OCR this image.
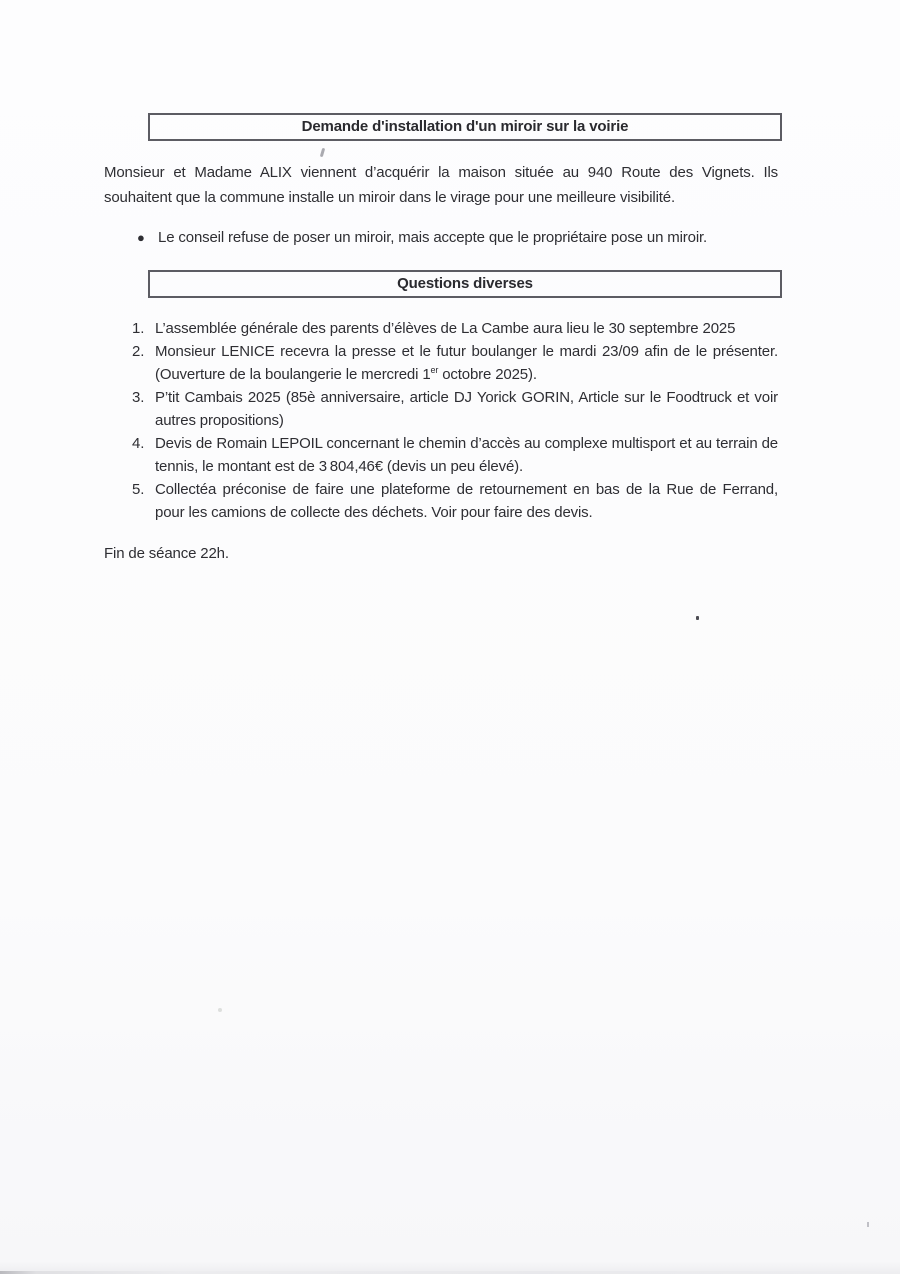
Demande d'installation d'un miroir sur la voirie

Monsieur et Madame ALIX viennent d’acquérir la maison située au 940 Route des Vignets. Ils souhaitent que la commune installe un miroir dans le virage pour une meilleure visibilité.

● Le conseil refuse de poser un miroir, mais accepte que le propriétaire pose un miroir.
Questions diverses
1. L’assemblée générale des parents d’élèves de La Cambe aura lieu le 30 septembre 2025
2. Monsieur LENICE recevra la presse et le futur boulanger le mardi 23/09 afin de le présenter. (Ouverture de la boulangerie le mercredi 1er octobre 2025).
3. P’tit Cambais 2025 (85è anniversaire, article DJ Yorick GORIN, Article sur le Foodtruck et voir autres propositions)
4. Devis de Romain LEPOIL concernant le chemin d’accès au complexe multisport et au terrain de tennis, le montant est de 3 804,46€ (devis un peu élevé).
5. Collectéa préconise de faire une plateforme de retournement en bas de la Rue de Ferrand, pour les camions de collecte des déchets. Voir pour faire des devis.

Fin de séance 22h.
